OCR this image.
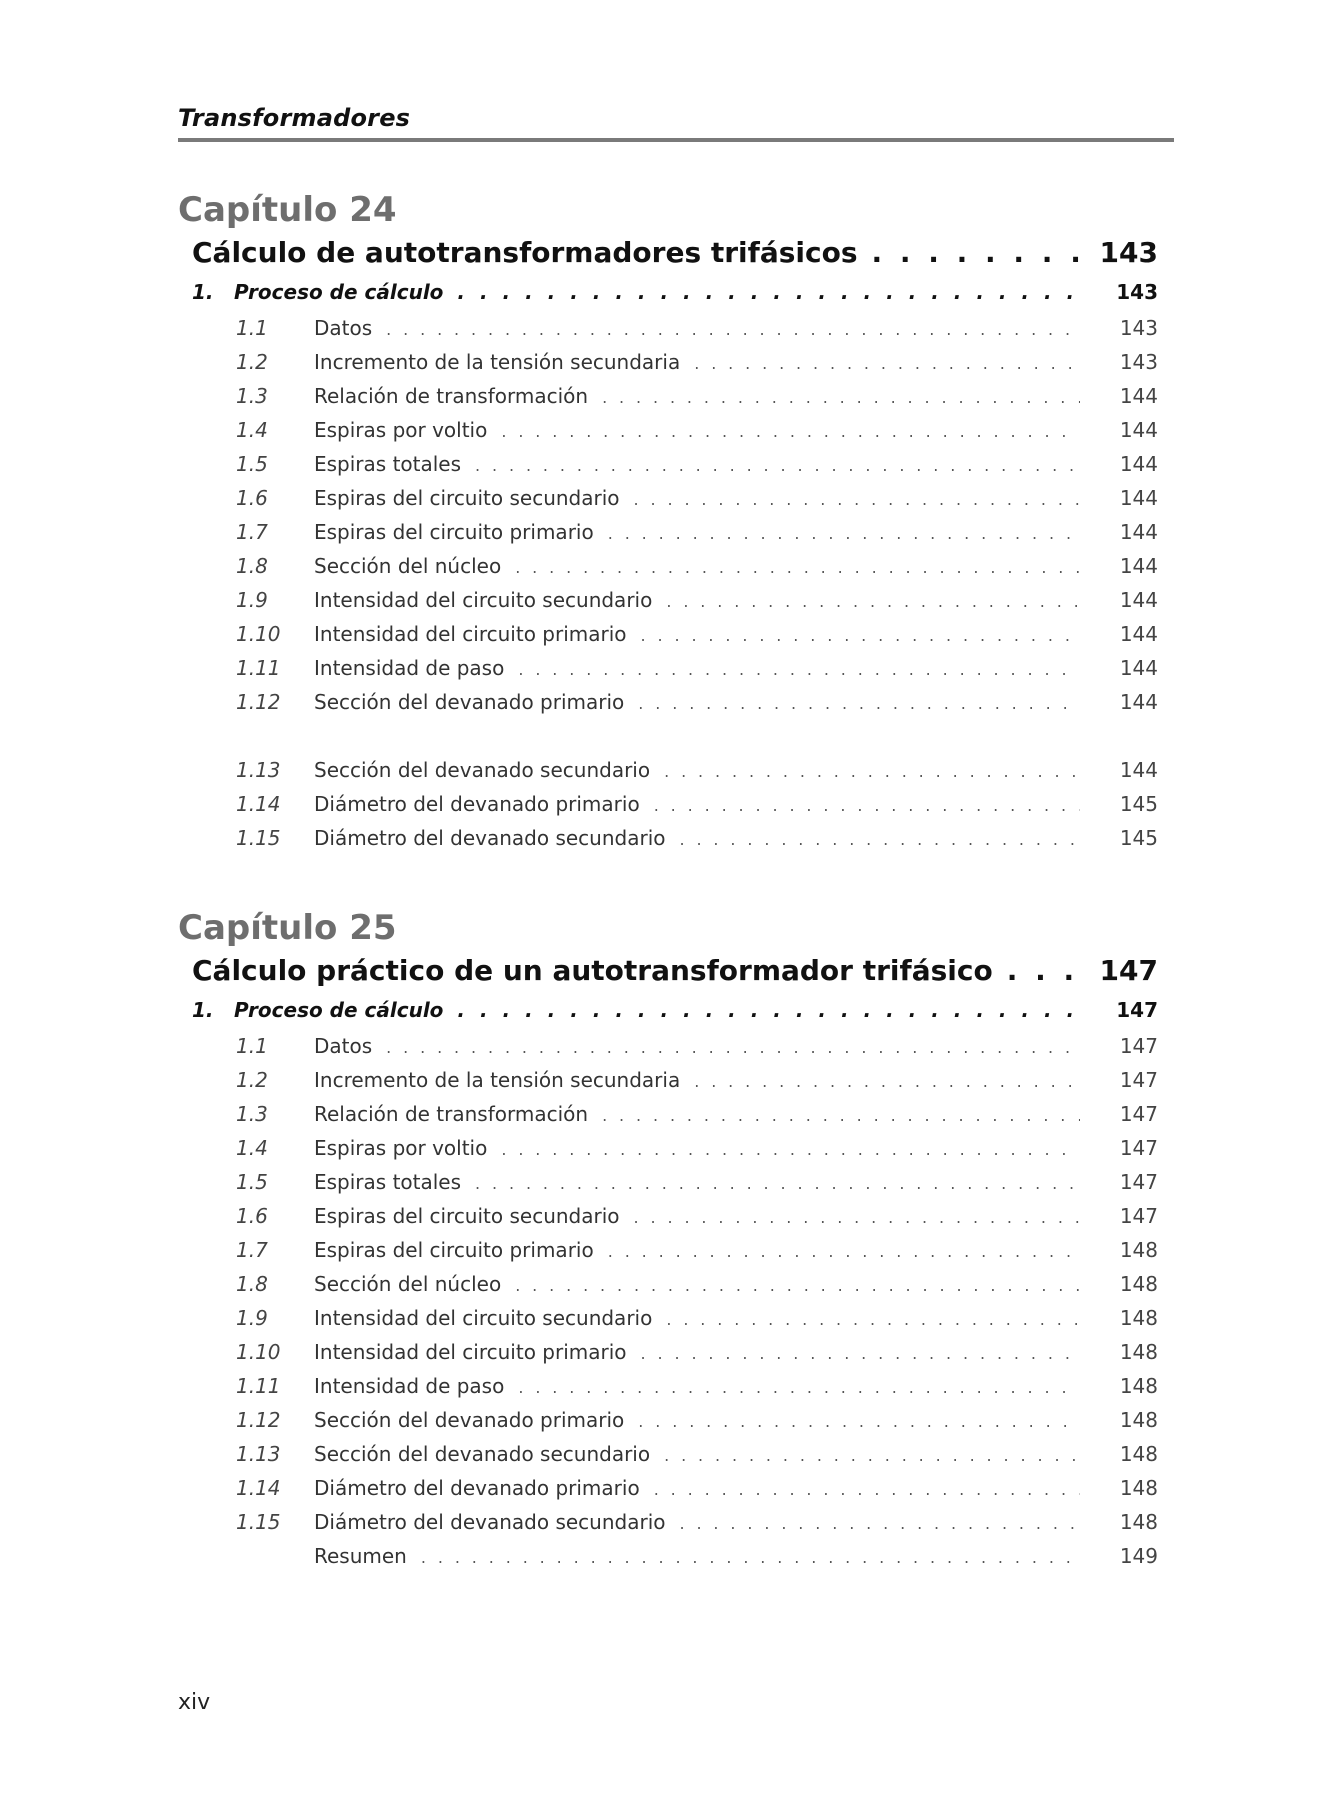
Transformadores
Capítulo 24
Cálculo de autotransformadores trifásicos . . .	143
1.	Proceso de cálculo . . .	143
1.1	Datos . . .	143
1.2	Incremento de la tensión secundaria . . .	143
1.3	Relación de transformación . . .	144
1.4	Espiras por voltio . . .	144
1.5	Espiras totales . . .	144
1.6	Espiras del circuito secundario . . .	144
1.7	Espiras del circuito primario . . .	144
1.8	Sección del núcleo . . .	144
1.9	Intensidad del circuito secundario . . .	144
1.10	Intensidad del circuito primario . . .	144
1.11	Intensidad de paso . . .	144
1.12	Sección del devanado primario . . .	144
1.13	Sección del devanado secundario . . .	144
1.14	Diámetro del devanado primario . . .	145
1.15	Diámetro del devanado secundario . . .	145
Capítulo 25
Cálculo práctico de un autotransformador trifásico . . .	147
1.	Proceso de cálculo . . .	147
1.1	Datos . . .	147
1.2	Incremento de la tensión secundaria . . .	147
1.3	Relación de transformación . . .	147
1.4	Espiras por voltio . . .	147
1.5	Espiras totales . . .	147
1.6	Espiras del circuito secundario . . .	147
1.7	Espiras del circuito primario . . .	148
1.8	Sección del núcleo . . .	148
1.9	Intensidad del circuito secundario . . .	148
1.10	Intensidad del circuito primario . . .	148
1.11	Intensidad de paso . . .	148
1.12	Sección del devanado primario . . .	148
1.13	Sección del devanado secundario . . .	148
1.14	Diámetro del devanado primario . . .	148
1.15	Diámetro del devanado secundario . . .	148
Resumen . . .	149
xiv
